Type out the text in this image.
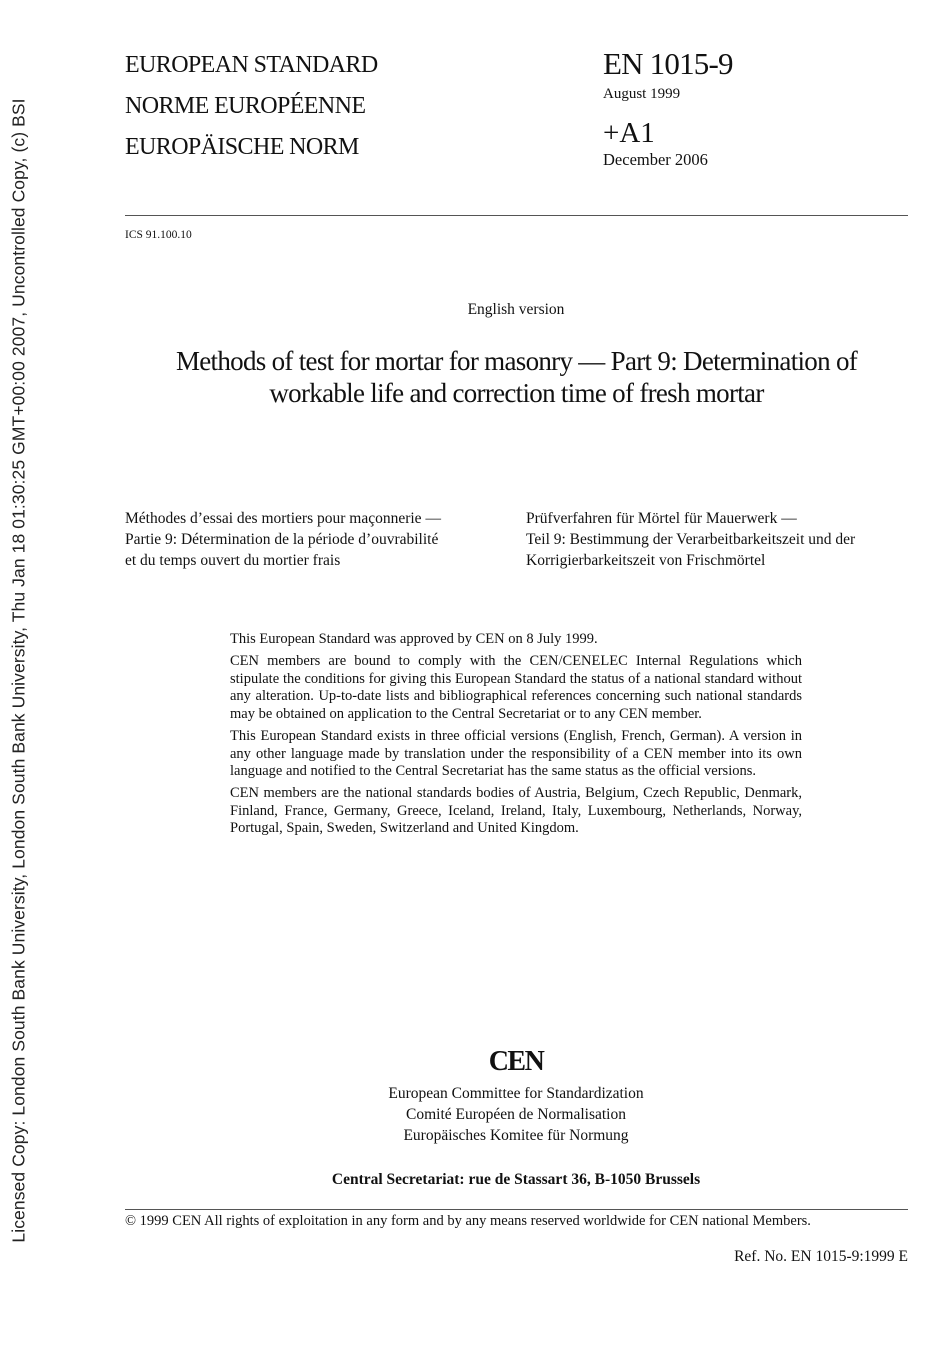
Licensed Copy: London South Bank University, London South Bank University, Thu Jan 18 01:30:25 GMT+00:00 2007, Uncontrolled Copy, (c) BSI
EUROPEAN STANDARD
NORME EUROPÉENNE
EUROPÄISCHE NORM
EN 1015-9
August 1999
+A1
December 2006
ICS 91.100.10
English version
Methods of test for mortar for masonry — Part 9: Determination of
workable life and correction time of fresh mortar
Méthodes d’essai des mortiers pour maçonnerie —
Partie 9: Détermination de la période d’ouvrabilité
et du temps ouvert du mortier frais
Prüfverfahren für Mörtel für Mauerwerk —
Teil 9: Bestimmung der Verarbeitbarkeitszeit und der
Korrigierbarkeitszeit von Frischmörtel

This European Standard was approved by CEN on 8 July 1999.

CEN members are bound to comply with the CEN/CENELEC Internal Regulations which stipulate the conditions for giving this European Standard the status of a national standard without any alteration. Up-to-date lists and bibliographical references concerning such national standards may be obtained on application to the Central Secretariat or to any CEN member.

This European Standard exists in three official versions (English, French, German). A version in any other language made by translation under the responsibility of a CEN member into its own language and notified to the Central Secretariat has the same status as the official versions.

CEN members are the national standards bodies of Austria, Belgium, Czech Republic, Denmark, Finland, France, Germany, Greece, Iceland, Ireland, Italy, Luxembourg, Netherlands, Norway, Portugal, Spain, Sweden, Switzerland and United Kingdom.

CEN
European Committee for Standardization
Comité Européen de Normalisation
Europäisches Komitee für Normung
Central Secretariat: rue de Stassart 36, B-1050 Brussels
© 1999 CEN All rights of exploitation in any form and by any means reserved worldwide for CEN national Members.
Ref. No. EN 1015-9:1999 E
